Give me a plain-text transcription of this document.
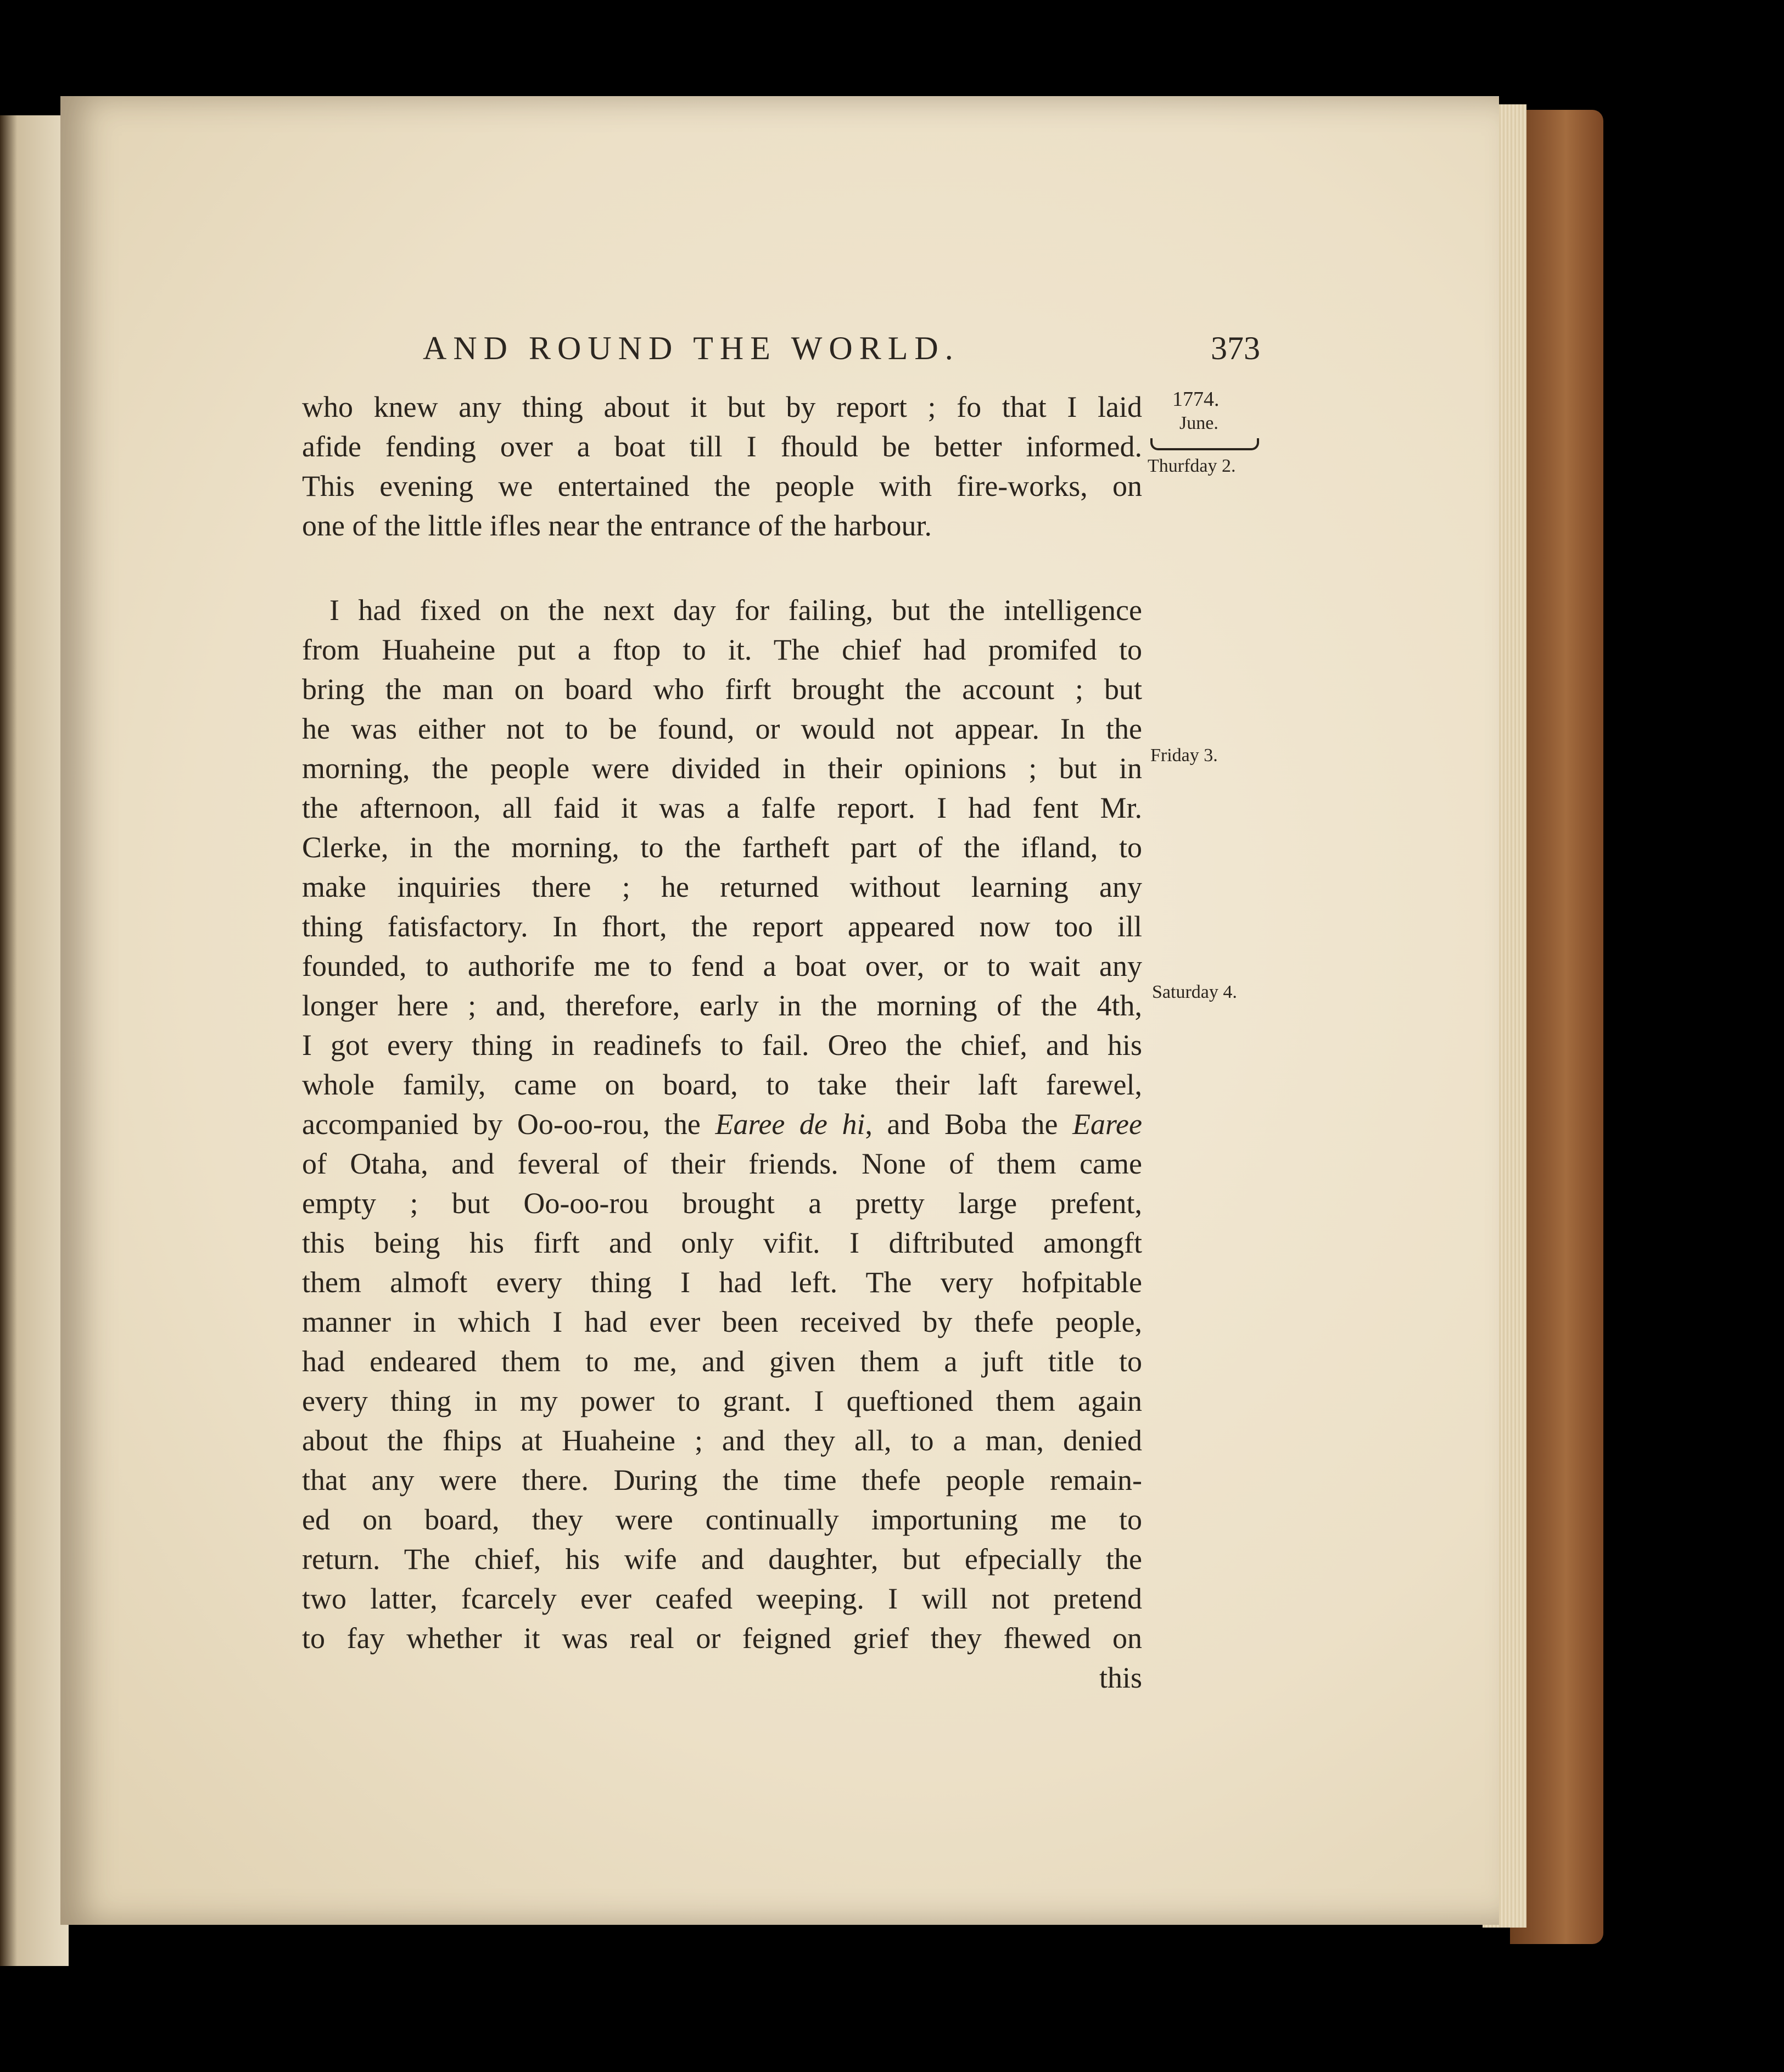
AND ROUND THE WORLD.	373
1774.
June.
Thurfday 2.
Friday 3.
Saturday 4.
who knew any thing about it but by report ; fo that I laid
afide fending over a boat till I fhould be better informed.
This evening we entertained the people with fire-works, on
one of the little ifles near the entrance of the harbour.
I had fixed on the next day for failing, but the intelligence
from Huaheine put a ftop to it. The chief had promifed to
bring the man on board who firft brought the account ; but
he was either not to be found, or would not appear. In the
morning, the people were divided in their opinions ; but in
the afternoon, all faid it was a falfe report. I had fent Mr.
Clerke, in the morning, to the fartheft part of the ifland, to
make inquiries there ; he returned without learning any
thing fatisfactory. In fhort, the report appeared now too ill
founded, to authorife me to fend a boat over, or to wait any
longer here ; and, therefore, early in the morning of the 4th,
I got every thing in readinefs to fail. Oreo the chief, and his
whole family, came on board, to take their laft farewel,
accompanied by Oo-oo-rou, the Earee de hi, and Boba the Earee
of Otaha, and feveral of their friends. None of them came
empty ; but Oo-oo-rou brought a pretty large prefent,
this being his firft and only vifit. I diftributed amongft
them almoft every thing I had left. The very hofpitable
manner in which I had ever been received by thefe people,
had endeared them to me, and given them a juft title to
every thing in my power to grant. I queftioned them again
about the fhips at Huaheine ; and they all, to a man, denied
that any were there. During the time thefe people remain-
ed on board, they were continually importuning me to
return. The chief, his wife and daughter, but efpecially the
two latter, fcarcely ever ceafed weeping. I will not pretend
to fay whether it was real or feigned grief they fhewed on
this
